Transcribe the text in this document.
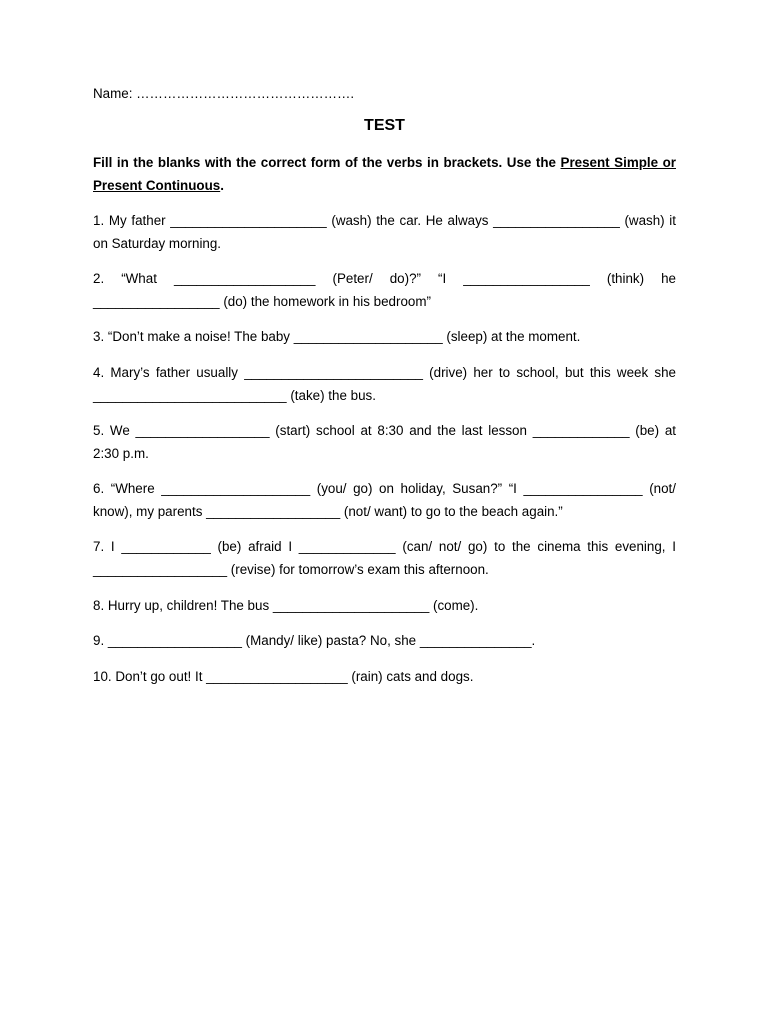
Name: ………………………………………….
TEST
Fill in the blanks with the correct form of the verbs in brackets. Use the Present Simple or Present Continuous.
1. My father _____________________ (wash) the car. He always _________________ (wash) it on Saturday morning.
2. “What ___________________ (Peter/ do)?” “I _________________ (think) he _________________ (do) the homework in his bedroom”
3. “Don’t make a noise! The baby ____________________ (sleep) at the moment.
4. Mary’s father usually ________________________ (drive) her to school, but this week she __________________________ (take) the bus.
5. We __________________ (start) school at 8:30 and the last lesson _____________ (be) at 2:30 p.m.
6. “Where ____________________ (you/ go) on holiday, Susan?” “I ________________ (not/ know), my parents __________________ (not/ want) to go to the beach again.”
7. I ____________ (be) afraid I _____________ (can/ not/ go) to the cinema this evening, I __________________ (revise) for tomorrow’s exam this afternoon.
8. Hurry up, children! The bus _____________________ (come).
9. __________________ (Mandy/ like) pasta? No, she _______________.
10. Don’t go out! It ___________________ (rain) cats and dogs.
